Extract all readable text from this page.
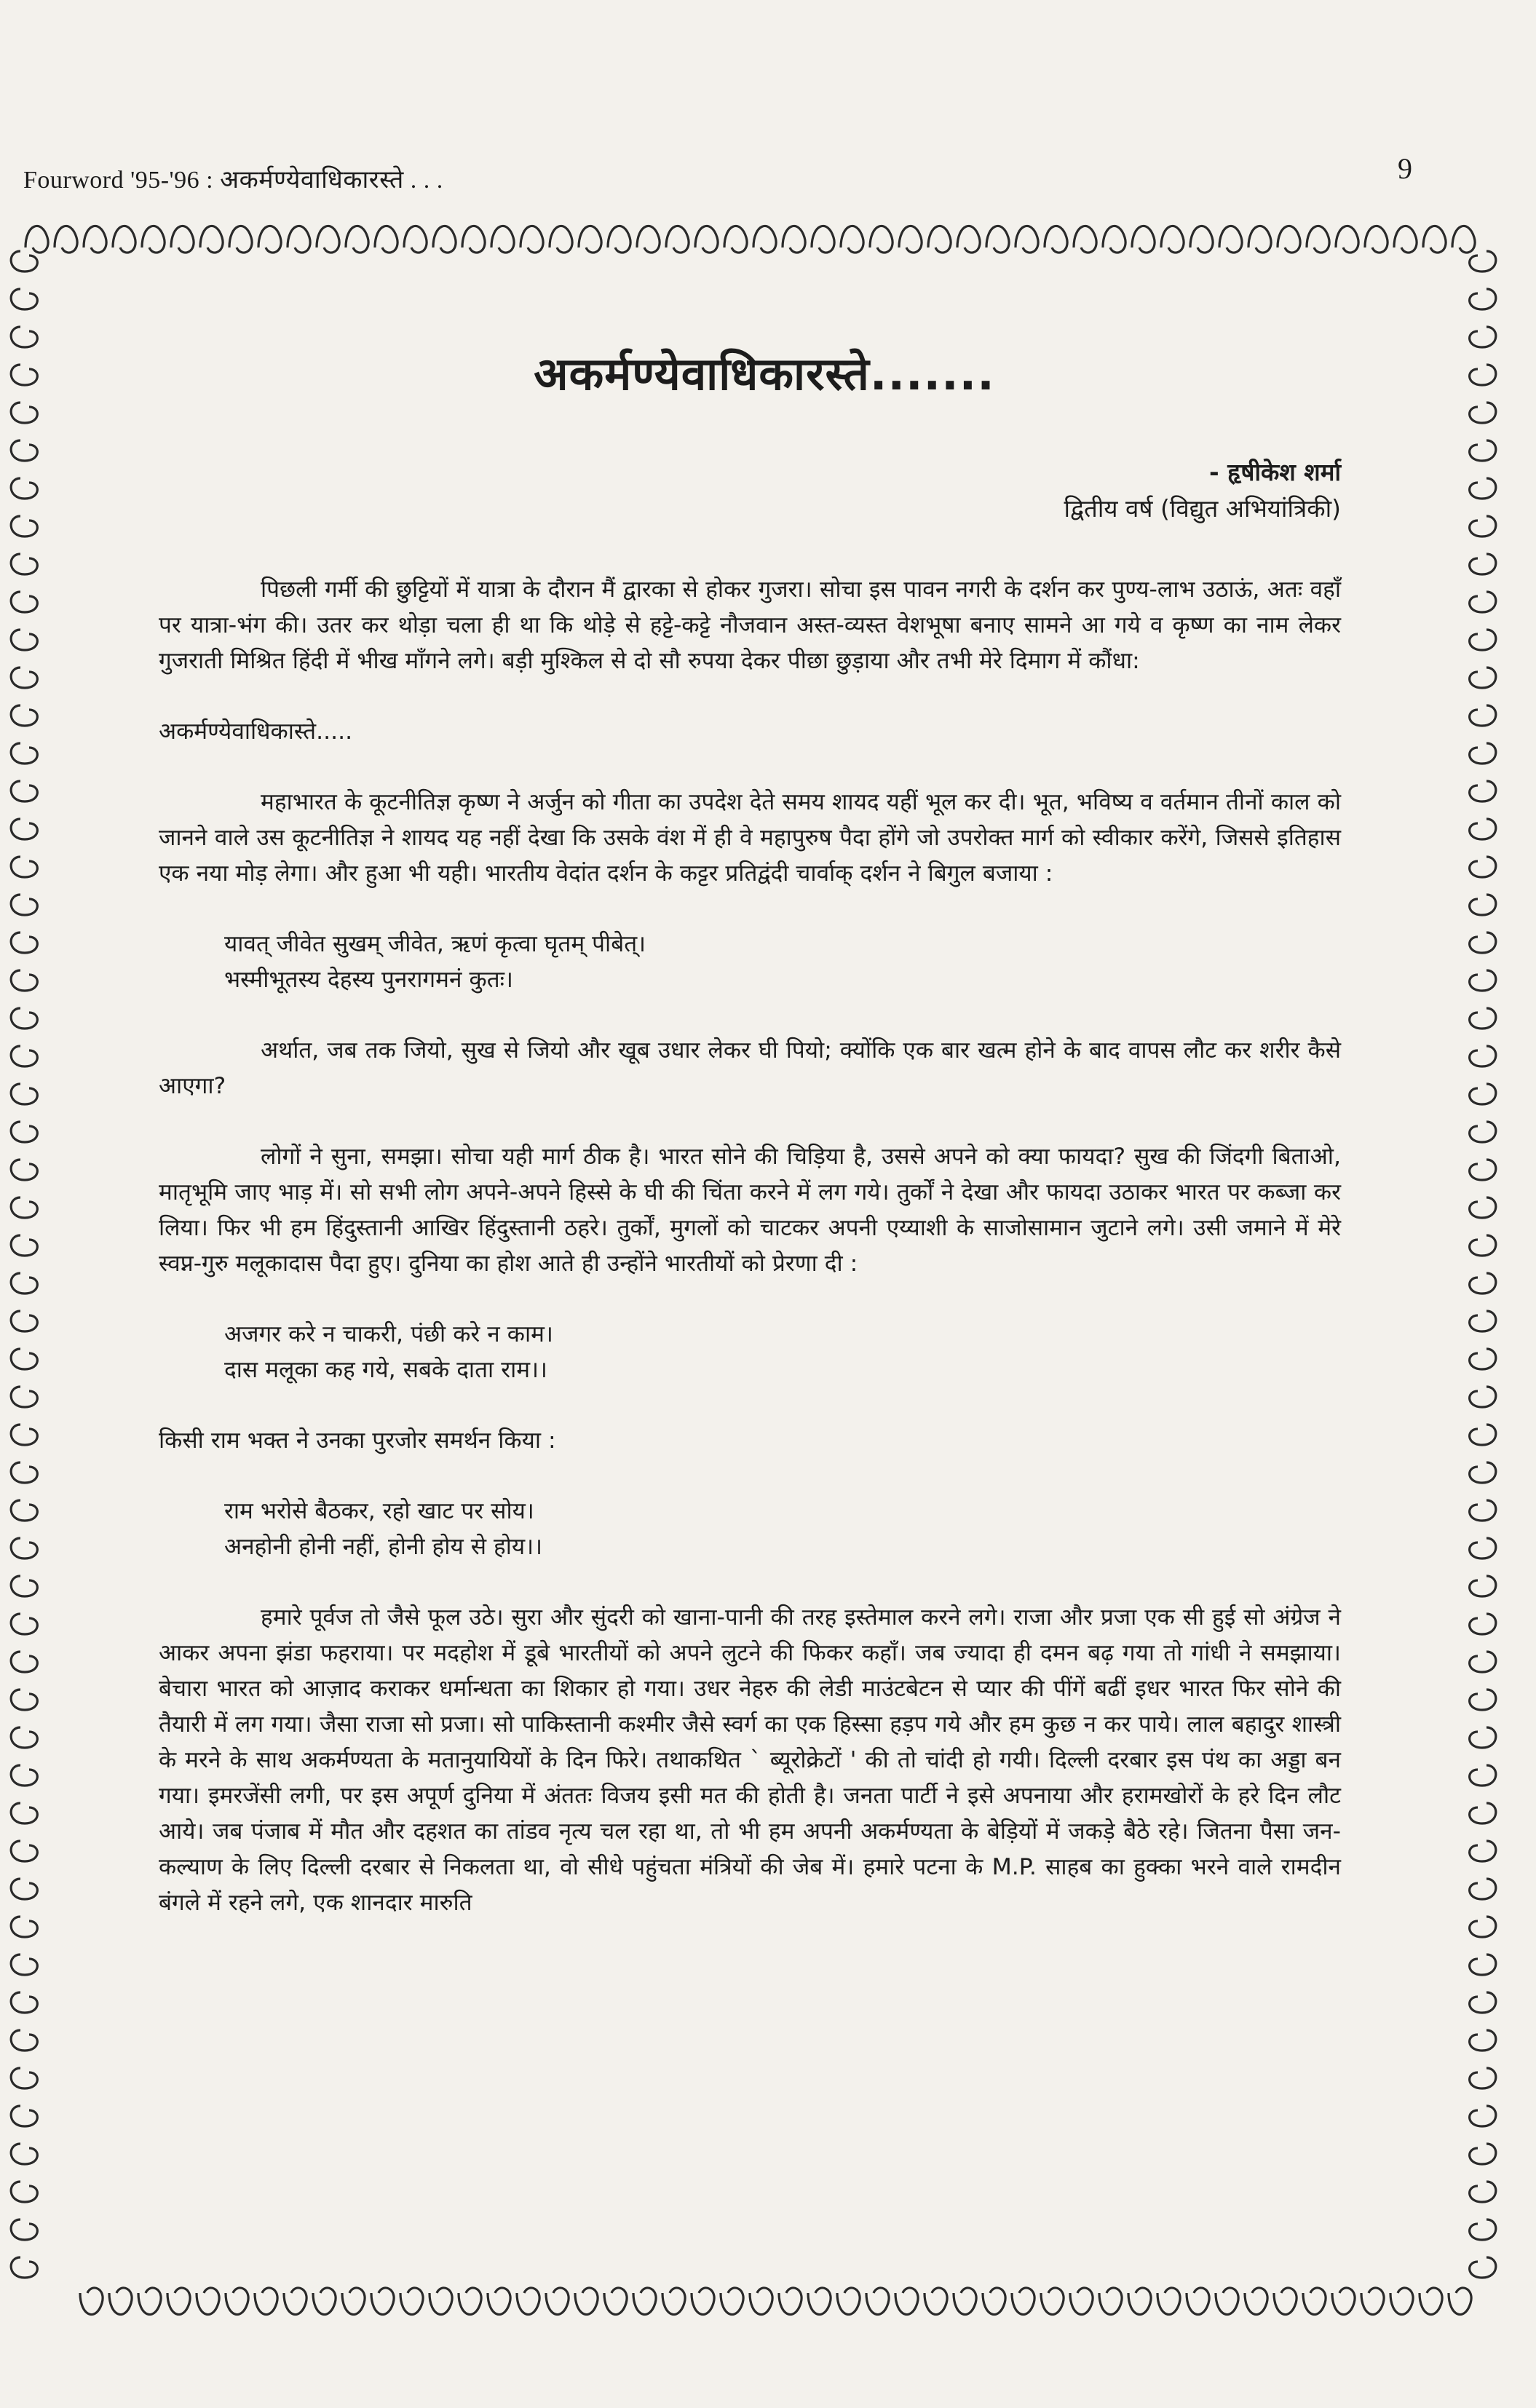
Fourword '95-'96 : अकर्मण्येवाधिकारस्ते . . .	9
अकर्मण्येवाधिकारस्ते.......
- हृषीकेश शर्मा
द्वितीय वर्ष (विद्युत अभियांत्रिकी)

पिछली गर्मी की छुट्टियों में यात्रा के दौरान मैं द्वारका से होकर गुजरा। सोचा इस पावन नगरी के दर्शन कर पुण्य-लाभ उठाऊं, अतः वहाँ पर यात्रा-भंग की। उतर कर थोड़ा चला ही था कि थोड़े से हट्टे-कट्टे नौजवान अस्त-व्यस्त वेशभूषा बनाए सामने आ गये व कृष्ण का नाम लेकर गुजराती मिश्रित हिंदी में भीख माँगने लगे। बड़ी मुश्किल से दो सौ रुपया देकर पीछा छुड़ाया और तभी मेरे दिमाग में कौंधा:

अकर्मण्येवाधिकास्ते.....

महाभारत के कूटनीतिज्ञ कृष्ण ने अर्जुन को गीता का उपदेश देते समय शायद यहीं भूल कर दी। भूत, भविष्य व वर्तमान तीनों काल को जानने वाले उस कूटनीतिज्ञ ने शायद यह नहीं देखा कि उसके वंश में ही वे महापुरुष पैदा होंगे जो उपरोक्त मार्ग को स्वीकार करेंगे, जिससे इतिहास एक नया मोड़ लेगा। और हुआ भी यही। भारतीय वेदांत दर्शन के कट्टर प्रतिद्वंदी चार्वाक् दर्शन ने बिगुल बजाया :

यावत् जीवेत सुखम् जीवेत, ऋणं कृत्वा घृतम् पीबेत्।
भस्मीभूतस्य देहस्य पुनरागमनं कुतः।

अर्थात, जब तक जियो, सुख से जियो और खूब उधार लेकर घी पियो; क्योंकि एक बार खत्म होने के बाद वापस लौट कर शरीर कैसे आएगा?

लोगों ने सुना, समझा। सोचा यही मार्ग ठीक है। भारत सोने की चिड़िया है, उससे अपने को क्या फायदा? सुख की जिंदगी बिताओ, मातृभूमि जाए भाड़ में। सो सभी लोग अपने-अपने हिस्से के घी की चिंता करने में लग गये। तुर्कों ने देखा और फायदा उठाकर भारत पर कब्जा कर लिया। फिर भी हम हिंदुस्तानी आखिर हिंदुस्तानी ठहरे। तुर्कों, मुगलों को चाटकर अपनी एय्याशी के साजोसामान जुटाने लगे। उसी जमाने में मेरे स्वप्न-गुरु मलूकादास पैदा हुए। दुनिया का होश आते ही उन्होंने भारतीयों को प्रेरणा दी :

अजगर करे न चाकरी, पंछी करे न काम।
दास मलूका कह गये, सबके दाता राम।।

किसी राम भक्त ने उनका पुरजोर समर्थन किया :

राम भरोसे बैठकर, रहो खाट पर सोय।
अनहोनी होनी नहीं, होनी होय से होय।।

हमारे पूर्वज तो जैसे फूल उठे। सुरा और सुंदरी को खाना-पानी की तरह इस्तेमाल करने लगे। राजा और प्रजा एक सी हुई सो अंग्रेज ने आकर अपना झंडा फहराया। पर मदहोश में डूबे भारतीयों को अपने लुटने की फिकर कहाँ। जब ज्यादा ही दमन बढ़ गया तो गांधी ने समझाया। बेचारा भारत को आज़ाद कराकर धर्मान्धता का शिकार हो गया। उधर नेहरु की लेडी माउंटबेटन से प्यार की पींगें बढीं इधर भारत फिर सोने की तैयारी में लग गया। जैसा राजा सो प्रजा। सो पाकिस्तानी कश्मीर जैसे स्वर्ग का एक हिस्सा हड़प गये और हम कुछ न कर पाये। लाल बहादुर शास्त्री के मरने के साथ अकर्मण्यता के मतानुयायियों के दिन फिरे। तथाकथित ` ब्यूरोक्रेटों ' की तो चांदी हो गयी। दिल्ली दरबार इस पंथ का अड्डा बन गया। इमरजेंसी लगी, पर इस अपूर्ण दुनिया में अंततः विजय इसी मत की होती है। जनता पार्टी ने इसे अपनाया और हरामखोरों के हरे दिन लौट आये। जब पंजाब में मौत और दहशत का तांडव नृत्य चल रहा था, तो भी हम अपनी अकर्मण्यता के बेड़ियों में जकड़े बैठे रहे। जितना पैसा जन-कल्याण के लिए दिल्ली दरबार से निकलता था, वो सीधे पहुंचता मंत्रियों की जेब में। हमारे पटना के M.P. साहब का हुक्का भरने वाले रामदीन बंगले में रहने लगे, एक शानदार मारुति
